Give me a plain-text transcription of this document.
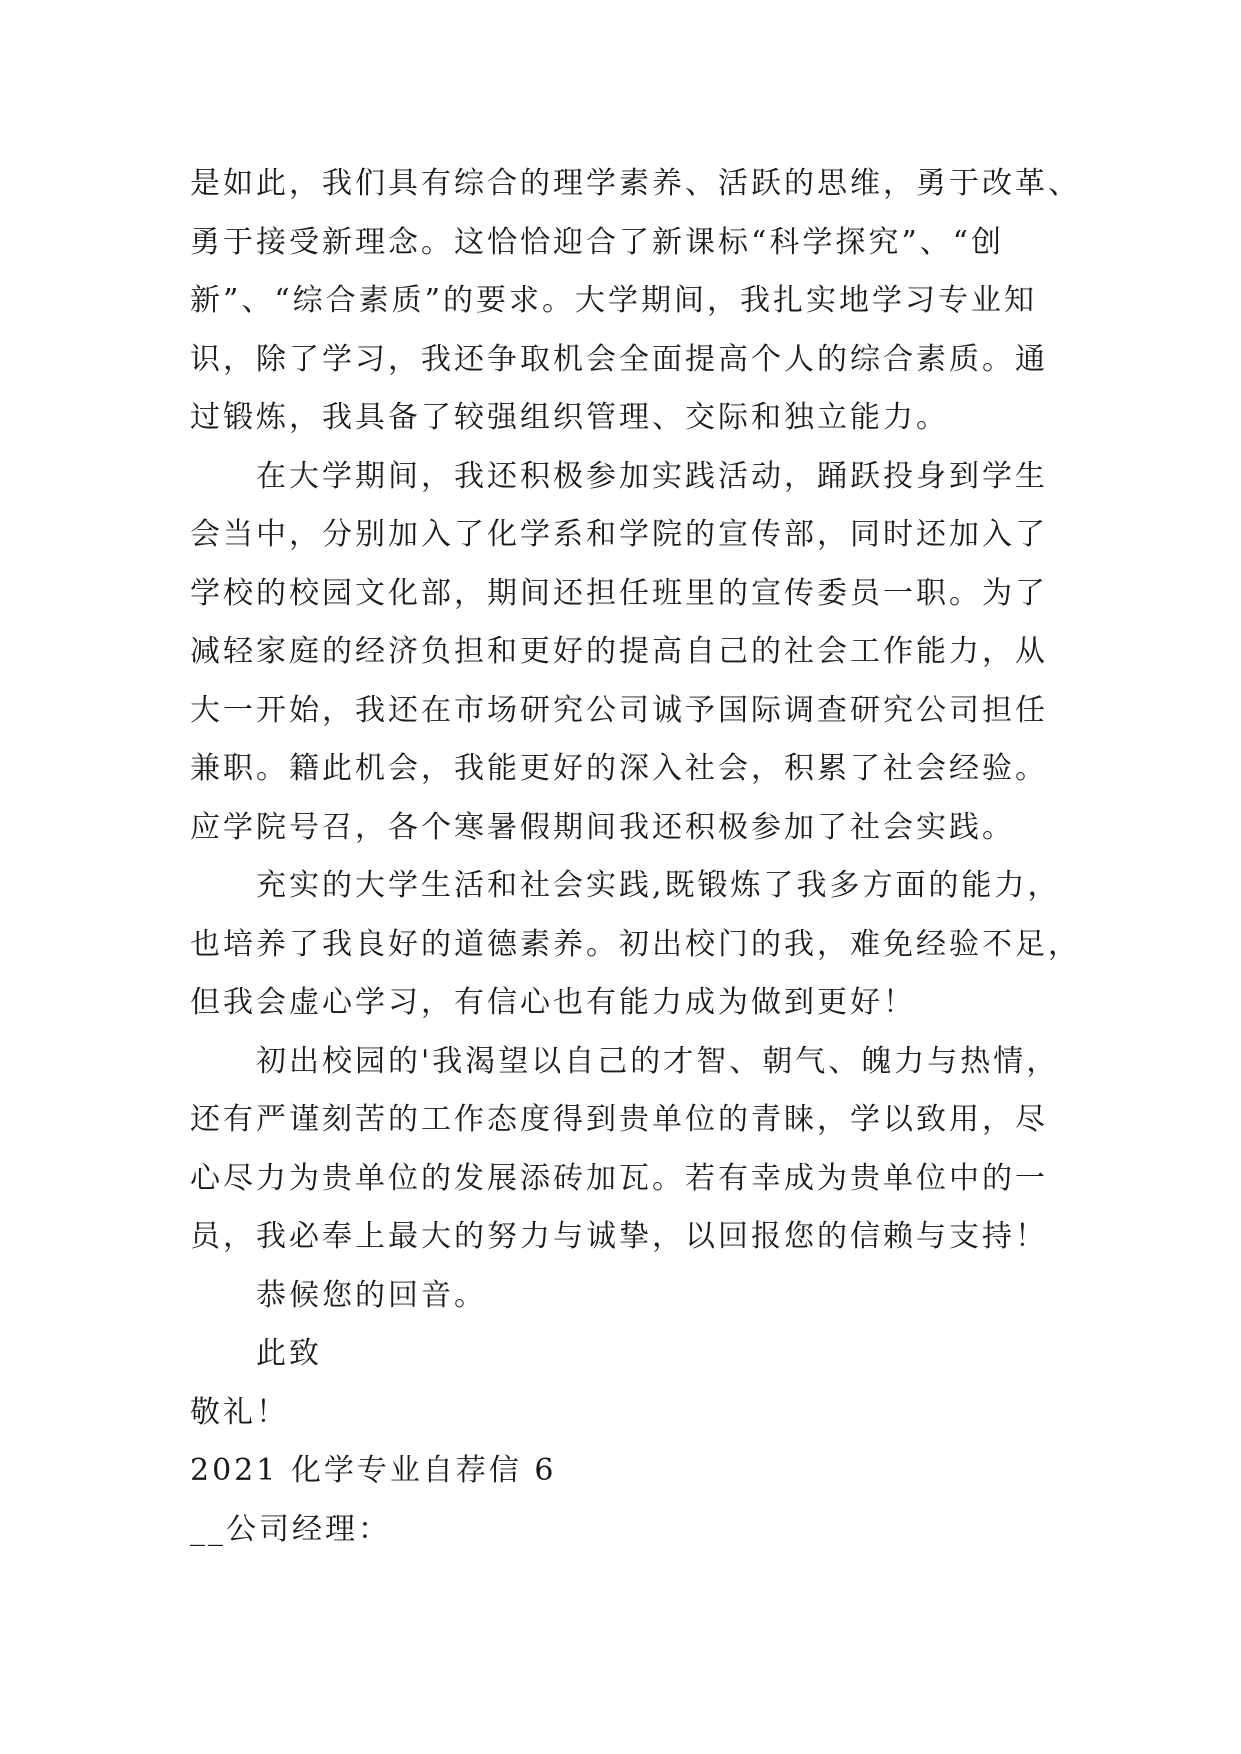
是如此，我们具有综合的理学素养、活跃的思维，勇于改革、
勇于接受新理念。这恰恰迎合了新课标“科学探究”、“创
新”、“综合素质”的要求。大学期间，我扎实地学习专业知
识，除了学习，我还争取机会全面提高个人的综合素质。通
过锻炼，我具备了较强组织管理、交际和独立能力。
在大学期间，我还积极参加实践活动，踊跃投身到学生
会当中，分别加入了化学系和学院的宣传部，同时还加入了
学校的校园文化部，期间还担任班里的宣传委员一职。为了
减轻家庭的经济负担和更好的提高自己的社会工作能力，从
大一开始，我还在市场研究公司诚予国际调查研究公司担任
兼职。籍此机会，我能更好的深入社会，积累了社会经验。
应学院号召，各个寒暑假期间我还积极参加了社会实践。
充实的大学生活和社会实践,既锻炼了我多方面的能力，
也培养了我良好的道德素养。初出校门的我，难免经验不足，
但我会虚心学习，有信心也有能力成为做到更好！
初出校园的'我渴望以自己的才智、朝气、魄力与热情，
还有严谨刻苦的工作态度得到贵单位的青睐，学以致用，尽
心尽力为贵单位的发展添砖加瓦。若有幸成为贵单位中的一
员，我必奉上最大的努力与诚挚，以回报您的信赖与支持！
恭候您的回音。
此致
敬礼！
2021 化学专业自荐信 6
__公司经理：
